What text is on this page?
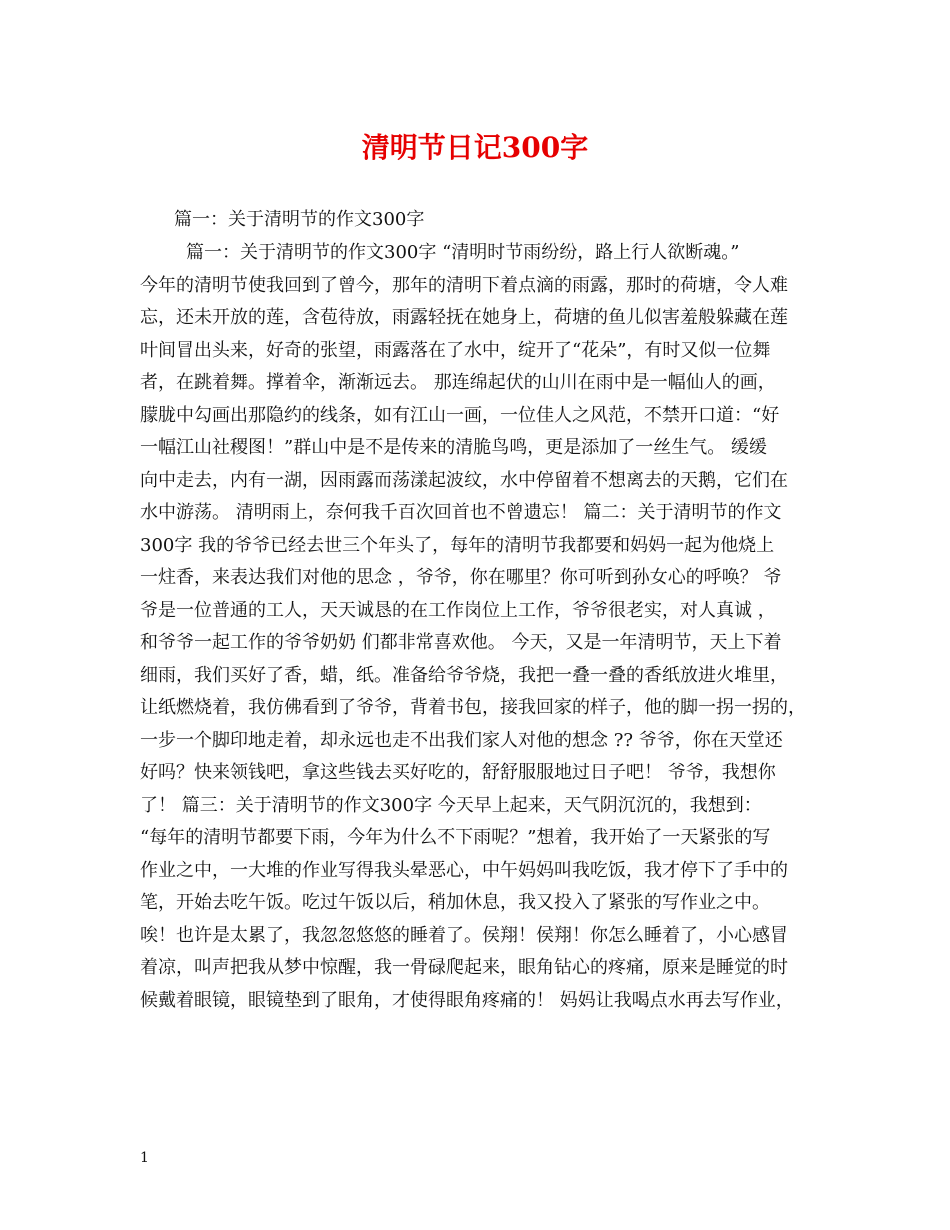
清明节日记300字
篇一：关于清明节的作文300字
篇一：关于清明节的作文300字 “清明时节雨纷纷，路上行人欲断魂。”
今年的清明节使我回到了曾今，那年的清明下着点滴的雨露，那时的荷塘，令人难
忘，还未开放的莲，含苞待放，雨露轻抚在她身上，荷塘的鱼儿似害羞般躲藏在莲
叶间冒出头来，好奇的张望，雨露落在了水中，绽开了“花朵”，有时又似一位舞
者，在跳着舞。撑着伞，渐渐远去。 那连绵起伏的山川在雨中是一幅仙人的画，
朦胧中勾画出那隐约的线条，如有江山一画，一位佳人之风范，不禁开口道：“好
一幅江山社稷图！”群山中是不是传来的清脆鸟鸣，更是添加了一丝生气。 缓缓
向中走去，内有一湖，因雨露而荡漾起波纹，水中停留着不想离去的天鹅，它们在
水中游荡。 清明雨上，奈何我千百次回首也不曾遗忘！ 篇二：关于清明节的作文
300字 我的爷爷已经去世三个年头了，每年的清明节我都要和妈妈一起为他烧上
一炷香，来表达我们对他的思念 ，爷爷，你在哪里？你可听到孙女心的呼唤？ 爷
爷是一位普通的工人，天天诚恳的在工作岗位上工作，爷爷很老实，对人真诚 ，
和爷爷一起工作的爷爷奶奶 们都非常喜欢他。 今天，又是一年清明节，天上下着
细雨，我们买好了香，蜡，纸。准备给爷爷烧，我把一叠一叠的香纸放进火堆里，
让纸燃烧着，我仿佛看到了爷爷，背着书包，接我回家的样子，他的脚一拐一拐的，
一步一个脚印地走着，却永远也走不出我们家人对他的想念 ?? 爷爷，你在天堂还
好吗？快来领钱吧，拿这些钱去买好吃的，舒舒服服地过日子吧！ 爷爷，我想你
了！ 篇三：关于清明节的作文300字 今天早上起来，天气阴沉沉的，我想到：
“每年的清明节都要下雨，今年为什么不下雨呢？”想着，我开始了一天紧张的写
作业之中，一大堆的作业写得我头晕恶心，中午妈妈叫我吃饭，我才停下了手中的
笔，开始去吃午饭。吃过午饭以后，稍加休息，我又投入了紧张的写作业之中。
唉！也许是太累了，我忽忽悠悠的睡着了。侯翔！侯翔！你怎么睡着了，小心感冒
着凉，叫声把我从梦中惊醒，我一骨碌爬起来，眼角钻心的疼痛，原来是睡觉的时
候戴着眼镜，眼镜垫到了眼角，才使得眼角疼痛的！ 妈妈让我喝点水再去写作业，
1
